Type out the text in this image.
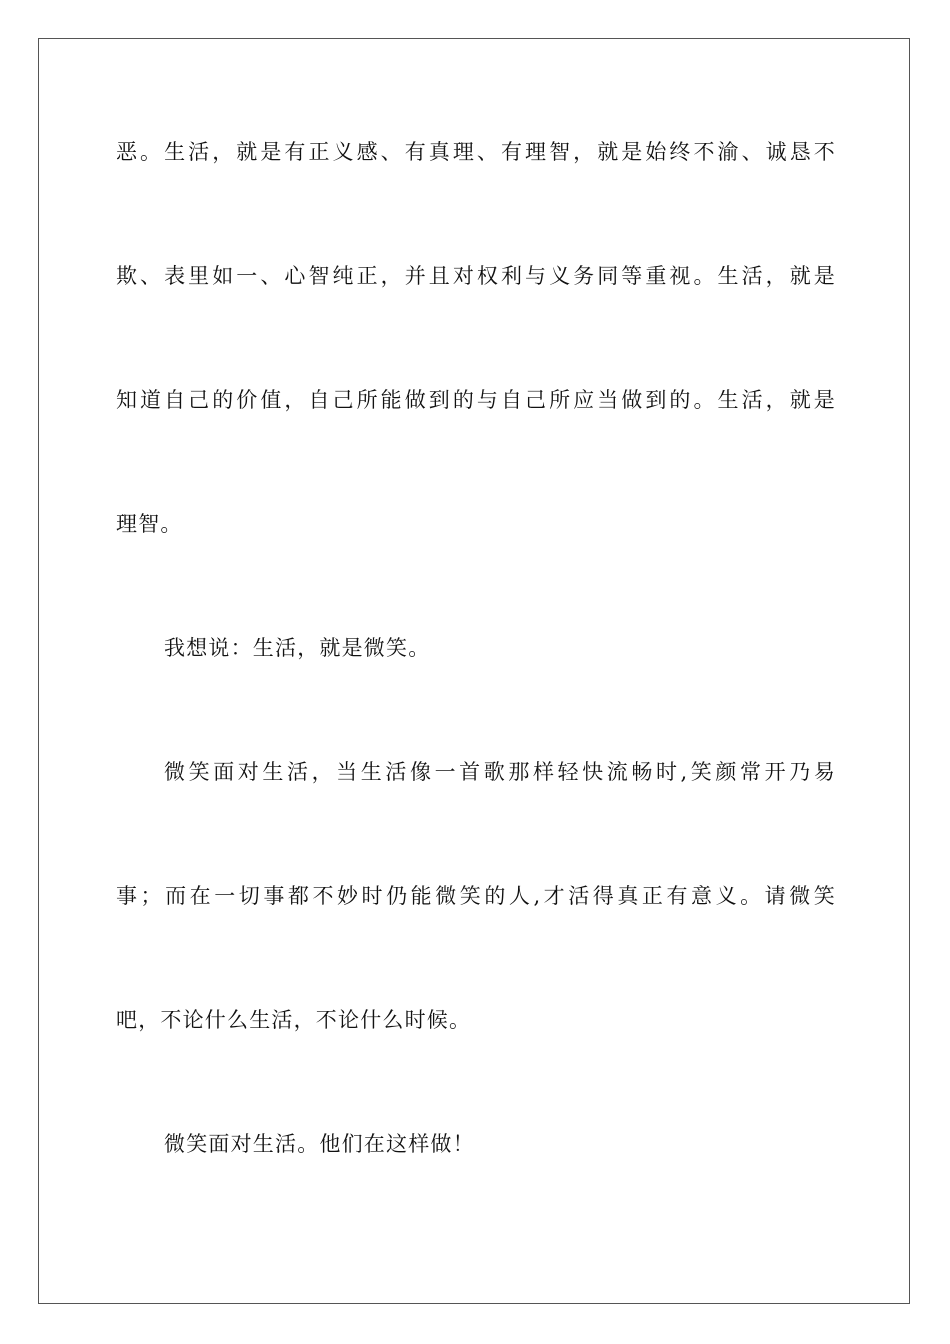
恶。生活，就是有正义感、有真理、有理智，就是始终不渝、诚恳不
欺、表里如一、心智纯正，并且对权利与义务同等重视。生活，就是
知道自己的价值，自己所能做到的与自己所应当做到的。生活，就是
理智。
我想说：生活，就是微笑。
微笑面对生活，当生活像一首歌那样轻快流畅时,笑颜常开乃易
事；而在一切事都不妙时仍能微笑的人,才活得真正有意义。请微笑
吧，不论什么生活，不论什么时候。
微笑面对生活。他们在这样做！
